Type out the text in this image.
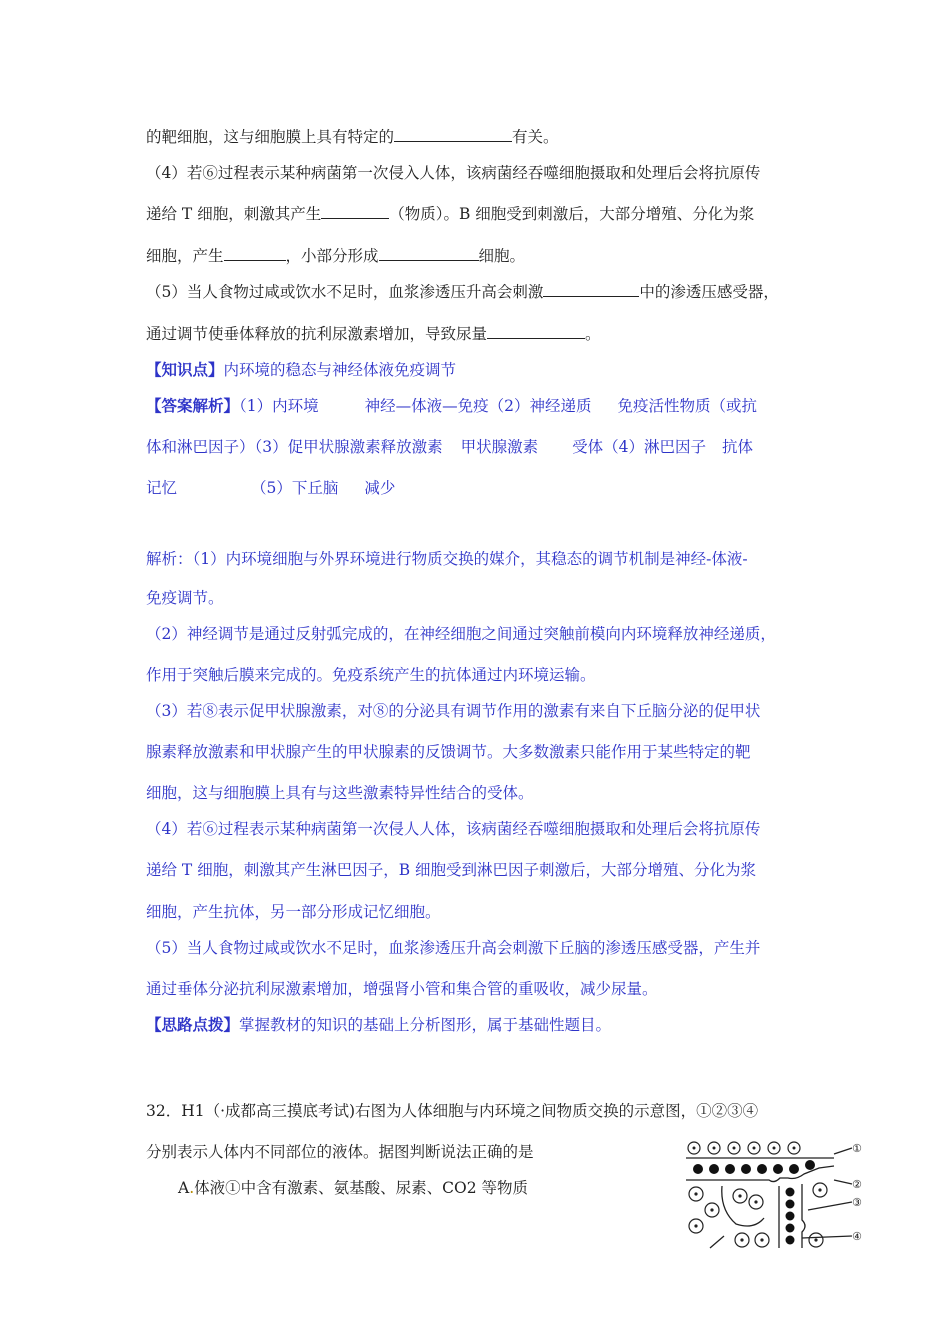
的靶细胞，这与细胞膜上具有特定的	有关。
（4）若⑥过程表示某种病菌第一次侵入人体，该病菌经吞噬细胞摄取和处理后会将抗原传
递给 T 细胞，刺激其产生	（物质）。B 细胞受到刺激后，大部分增殖、分化为浆
细胞，产生	，小部分形成	细胞。
（5）当人食物过咸或饮水不足时，血浆渗透压升高会刺激	中的渗透压感受器，
通过调节使垂体释放的抗利尿激素增加，导致尿量	。
【知识点】内环境的稳态与神经体液免疫调节
【答案解析】（1）内环境	神经—体液—免疫（2）神经递质 免疫活性物质（或抗
体和淋巴因子）（3）促甲状腺激素释放激素 甲状腺激素 受体（4）淋巴因子 抗体
记忆	（5）下丘脑 减少
解析：（1）内环境细胞与外界环境进行物质交换的媒介，其稳态的调节机制是神经-体液-
免疫调节。
（2）神经调节是通过反射弧完成的，在神经细胞之间通过突触前模向内环境释放神经递质，
作用于突触后膜来完成的。免疫系统产生的抗体通过内环境运输。
（3）若⑧表示促甲状腺激素，对⑧的分泌具有调节作用的激素有来自下丘脑分泌的促甲状
腺素释放激素和甲状腺产生的甲状腺素的反馈调节。大多数激素只能作用于某些特定的靶
细胞，这与细胞膜上具有与这些激素特异性结合的受体。
（4）若⑥过程表示某种病菌第一次侵人人体，该病菌经吞噬细胞摄取和处理后会将抗原传
递给 T 细胞，刺激其产生淋巴因子，B 细胞受到淋巴因子刺激后，大部分增殖、分化为浆
细胞，产生抗体，另一部分形成记忆细胞。
（5）当人食物过咸或饮水不足时，血浆渗透压升高会刺激下丘脑的渗透压感受器，产生并
通过垂体分泌抗利尿激素增加，增强肾小管和集合管的重吸收，减少尿量。
【思路点拨】掌握教材的知识的基础上分析图形，属于基础性题目。
32．H1（·成都高三摸底考试)右图为人体细胞与内环境之间物质交换的示意图，①②③④
分别表示人体内不同部位的液体。据图判断说法正确的是
A.体液①中含有激素、氨基酸、尿素、CO2 等物质
①
②
③
④
